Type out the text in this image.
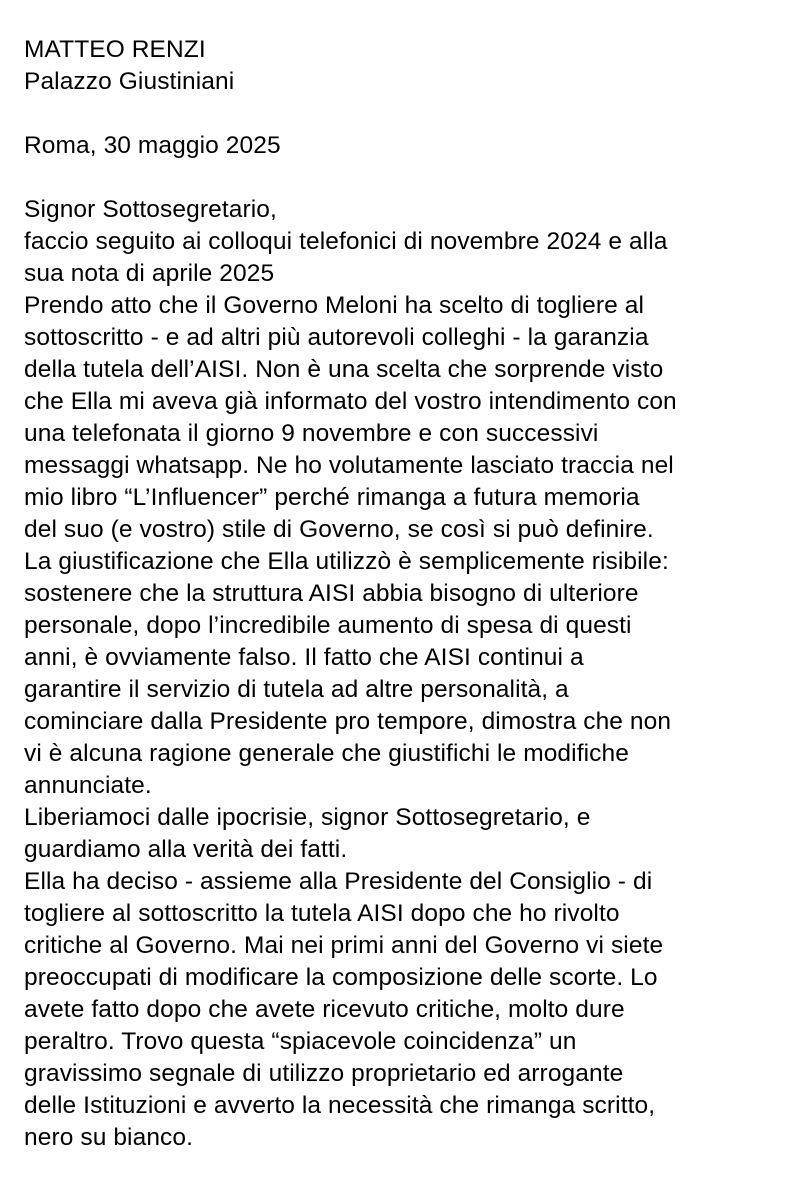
MATTEO RENZI
Palazzo Giustiniani
Roma, 30 maggio 2025
Signor Sottosegretario,
faccio seguito ai colloqui telefonici di novembre 2024 e alla
sua nota di aprile 2025
Prendo atto che il Governo Meloni ha scelto di togliere al
sottoscritto - e ad altri più autorevoli colleghi - la garanzia
della tutela dell’AISI. Non è una scelta che sorprende visto
che Ella mi aveva già informato del vostro intendimento con
una telefonata il giorno 9 novembre e con successivi
messaggi whatsapp. Ne ho volutamente lasciato traccia nel
mio libro “L’Influencer” perché rimanga a futura memoria
del suo (e vostro) stile di Governo, se così si può definire.
La giustificazione che Ella utilizzò è semplicemente risibile:
sostenere che la struttura AISI abbia bisogno di ulteriore
personale, dopo l’incredibile aumento di spesa di questi
anni, è ovviamente falso. Il fatto che AISI continui a
garantire il servizio di tutela ad altre personalità, a
cominciare dalla Presidente pro tempore, dimostra che non
vi è alcuna ragione generale che giustifichi le modifiche
annunciate.
Liberiamoci dalle ipocrisie, signor Sottosegretario, e
guardiamo alla verità dei fatti.
Ella ha deciso - assieme alla Presidente del Consiglio - di
togliere al sottoscritto la tutela AISI dopo che ho rivolto
critiche al Governo. Mai nei primi anni del Governo vi siete
preoccupati di modificare la composizione delle scorte. Lo
avete fatto dopo che avete ricevuto critiche, molto dure
peraltro. Trovo questa “spiacevole coincidenza” un
gravissimo segnale di utilizzo proprietario ed arrogante
delle Istituzioni e avverto la necessità che rimanga scritto,
nero su bianco.
